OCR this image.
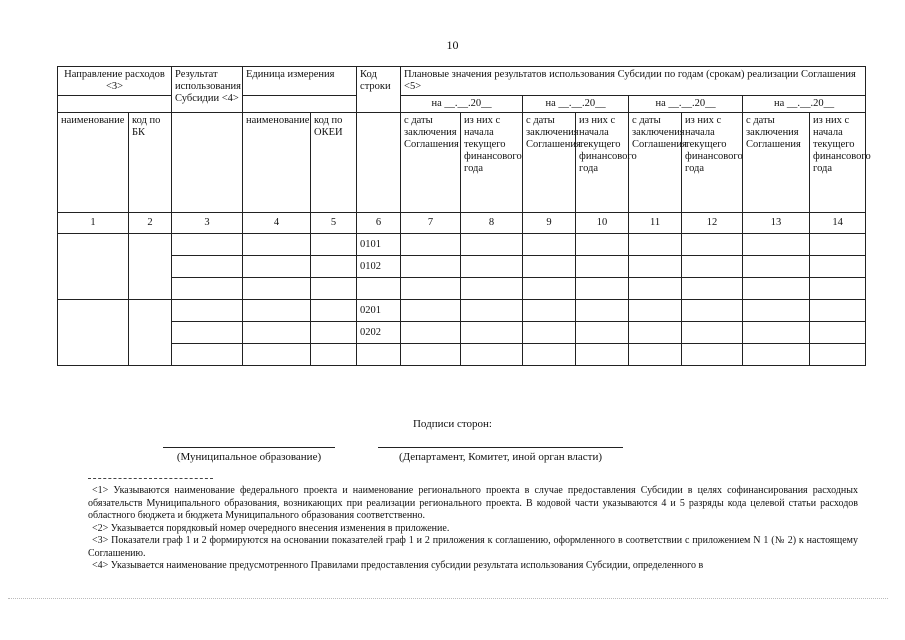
10
Направление расходов <3>		Результат использования Субсидии <4>	Единица измерения		Код строки	Плановые значения результатов использования Субсидии по годам (срокам) реализации Соглашения <5>							
						на __.__.20__		на __.__.20__		на __.__.20__		на __.__.20__	

наименование	код по БК		наименование	код по ОКЕИ		с даты заключения Соглашения	из них с начала текущего финансового года	с даты заключения Соглашения	из них с начала текущего финансового года	с даты заключения Соглашения	из них с начала текущего финансового года	с даты заключения Соглашения	из них с начала текущего финансового года
1	2	3	4	5	6	7	8	9	10	11	12	13	14
					0101								
					0102								

					0201								
					0202								

Подписи сторон:
(Муниципальное образование)	(Департамент, Комитет, иной орган власти)

<1> Указываются наименование федерального проекта и наименование регионального проекта в случае предоставления Субсидии в целях софинансирования расходных обязательств Муниципального образования, возникающих при реализации регионального проекта. В кодовой части указываются 4 и 5 разряды кода целевой статьи расходов областного бюджета и бюджета Муниципального образования соответственно.

<2> Указывается порядковый номер очередного внесения изменения в приложение.

<3> Показатели граф 1 и 2 формируются на основании показателей граф 1 и 2 приложения к соглашению, оформленного в соответствии с приложением N 1 (№ 2) к настоящему Соглашению.

<4> Указывается наименование предусмотренного Правилами предоставления субсидии результата использования Субсидии, определенного в
